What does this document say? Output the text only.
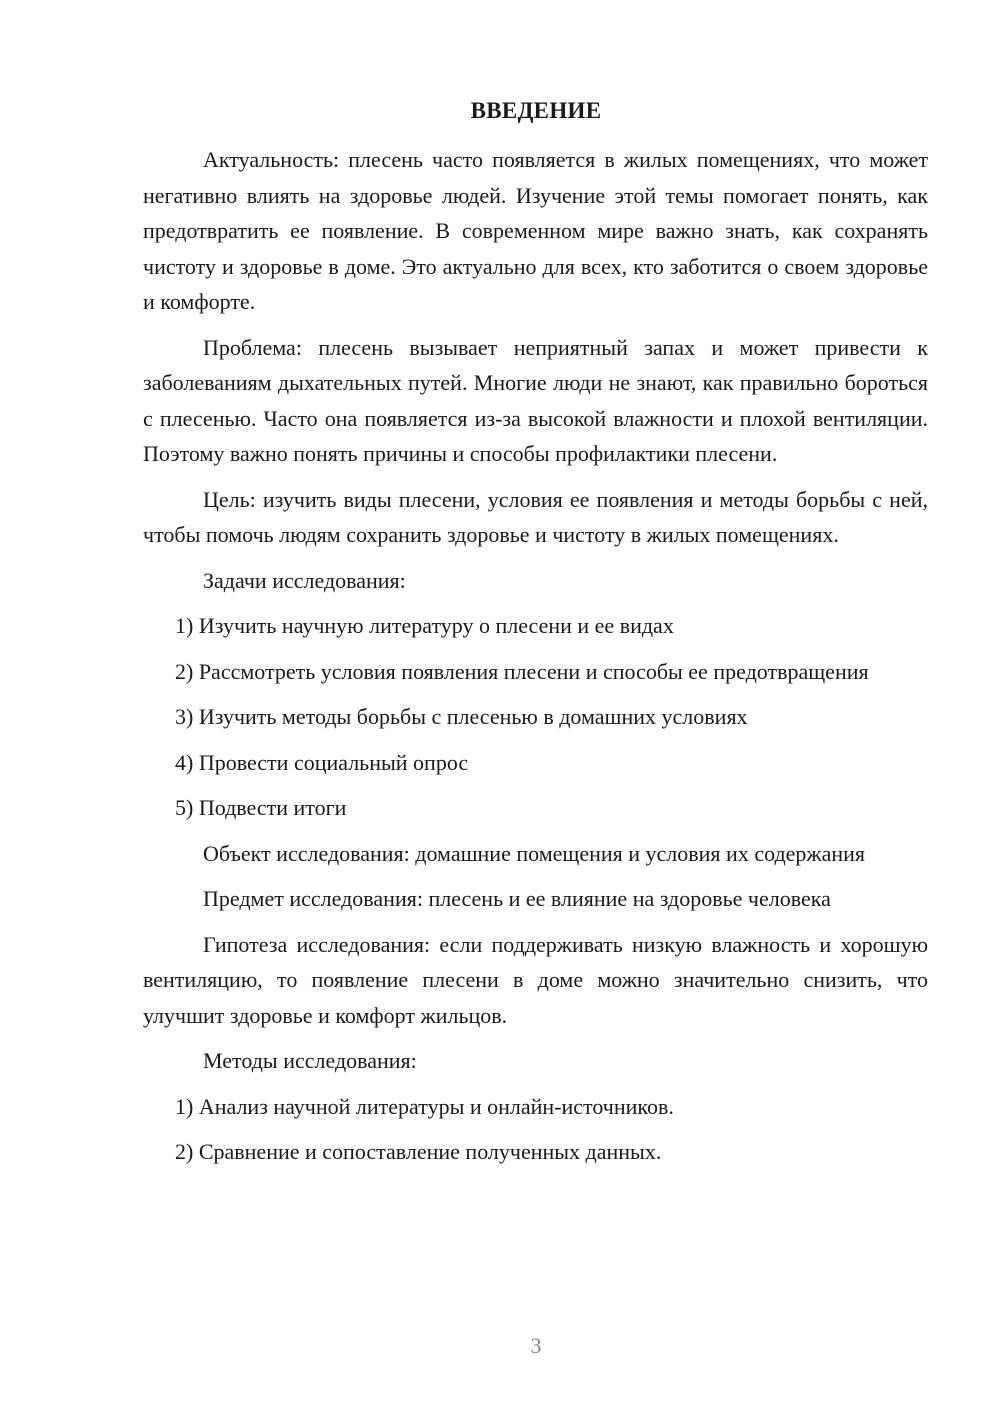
ВВЕДЕНИЕ

Актуальность: плесень часто появляется в жилых помещениях, что может негативно влиять на здоровье людей. Изучение этой темы помогает понять, как предотвратить ее появление. В современном мире важно знать, как сохранять чистоту и здоровье в доме. Это актуально для всех, кто заботится о своем здоровье и комфорте.

Проблема: плесень вызывает неприятный запах и может привести к заболеваниям дыхательных путей. Многие люди не знают, как правильно бороться с плесенью. Часто она появляется из-за высокой влажности и плохой вентиляции. Поэтому важно понять причины и способы профилактики плесени.

Цель: изучить виды плесени, условия ее появления и методы борьбы с ней, чтобы помочь людям сохранить здоровье и чистоту в жилых помещениях.

Задачи исследования:

1) Изучить научную литературу о плесени и ее видах

2) Рассмотреть условия появления плесени и способы ее предотвращения

3) Изучить методы борьбы с плесенью в домашних условиях

4) Провести социальный опрос

5) Подвести итоги

Объект исследования: домашние помещения и условия их содержания

Предмет исследования: плесень и ее влияние на здоровье человека

Гипотеза исследования: если поддерживать низкую влажность и хорошую вентиляцию, то появление плесени в доме можно значительно снизить, что улучшит здоровье и комфорт жильцов.

Методы исследования:

1) Анализ научной литературы и онлайн-источников.

2) Сравнение и сопоставление полученных данных.

3
